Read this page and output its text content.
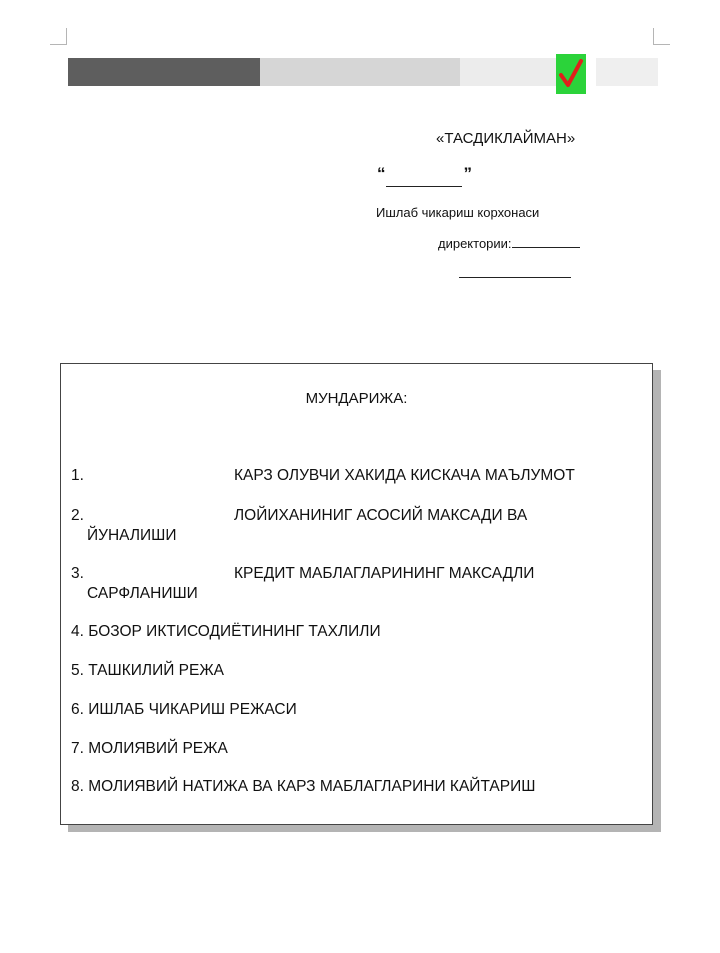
«ТАСДИКЛАЙМАН»
“	”
Ишлаб чикариш корхонаси
директории:
МУНДАРИЖА:
1.	КАРЗ ОЛУВЧИ ХАКИДА КИСКАЧА МАЪЛУМОТ
2.	ЛОЙИХАНИНИГ АСОСИЙ МАКСАДИ ВА
ЙУНАЛИШИ
3.	КРЕДИТ МАБЛАГЛАРИНИНГ МАКСАДЛИ
САРФЛАНИШИ
4. БОЗОР ИКТИСОДИЁТИНИНГ ТАХЛИЛИ
5. ТАШКИЛИЙ РЕЖА
6. ИШЛАБ ЧИКАРИШ РЕЖАСИ
7. МОЛИЯВИЙ РЕЖА
8. МОЛИЯВИЙ НАТИЖА ВА КАРЗ МАБЛАГЛАРИНИ КАЙТАРИШ
